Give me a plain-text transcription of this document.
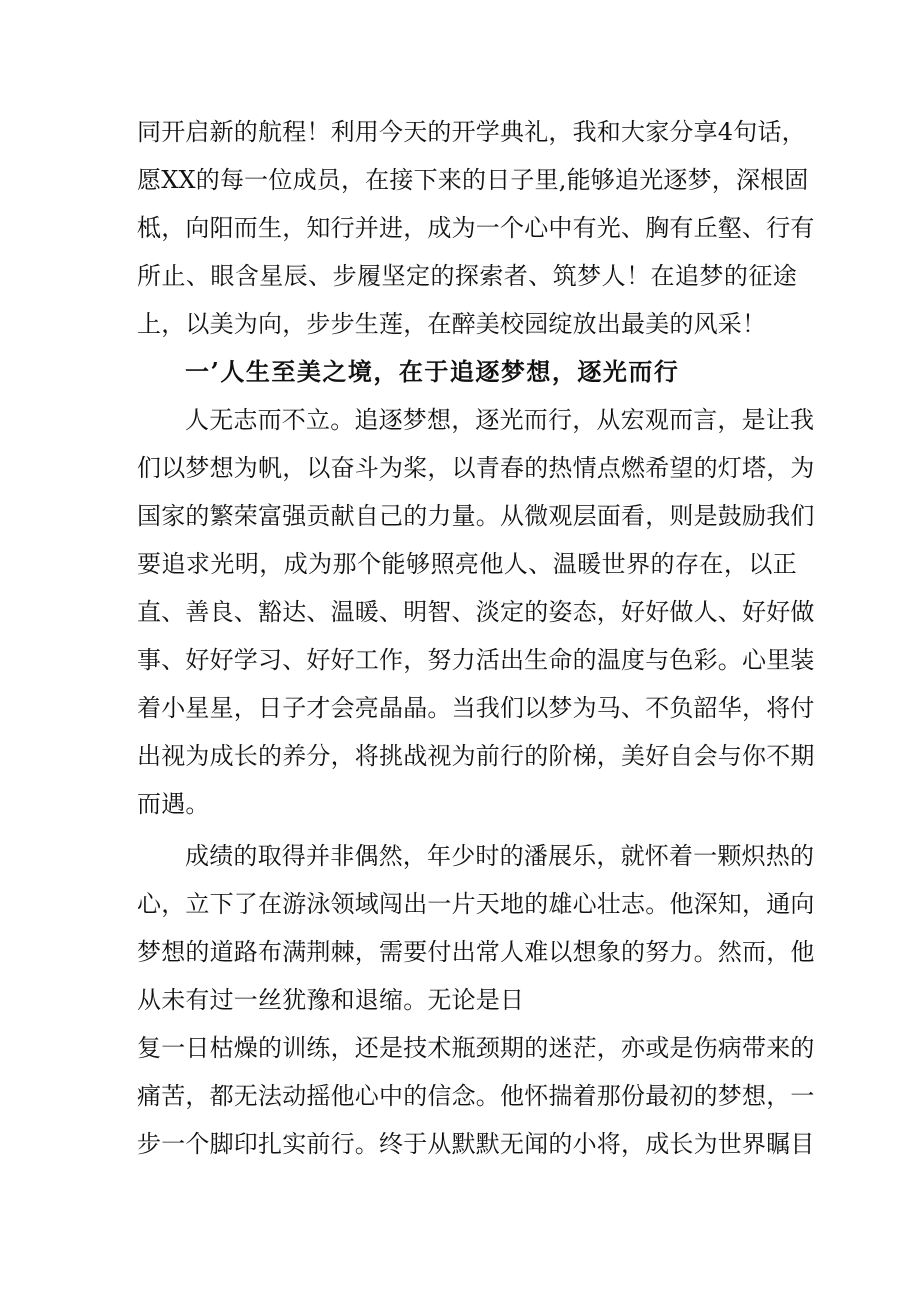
同开启新的航程！利用今天的开学典礼，我和大家分享4句话，
愿XX的每一位成员，在接下来的日子里,能够追光逐梦，深根固
柢，向阳而生，知行并进，成为一个心中有光、胸有丘壑、行有
所止、眼含星辰、步履坚定的探索者、筑梦人！在追梦的征途
上，以美为向，步步生莲，在醉美校园绽放出最美的风采！
一’人生至美之境，在于追逐梦想，逐光而行
人无志而不立。追逐梦想，逐光而行，从宏观而言，是让我
们以梦想为帆，以奋斗为桨，以青春的热情点燃希望的灯塔，为
国家的繁荣富强贡献自己的力量。从微观层面看，则是鼓励我们
要追求光明，成为那个能够照亮他人、温暖世界的存在，以正
直、善良、豁达、温暖、明智、淡定的姿态，好好做人、好好做
事、好好学习、好好工作，努力活出生命的温度与色彩。心里装
着小星星，日子才会亮晶晶。当我们以梦为马、不负韶华，将付
出视为成长的养分，将挑战视为前行的阶梯，美好自会与你不期
而遇。
成绩的取得并非偶然，年少时的潘展乐，就怀着一颗炽热的
心，立下了在游泳领域闯出一片天地的雄心壮志。他深知，通向
梦想的道路布满荆棘，需要付出常人难以想象的努力。然而，他
从未有过一丝犹豫和退缩。无论是日
复一日枯燥的训练，还是技术瓶颈期的迷茫，亦或是伤病带来的
痛苦，都无法动摇他心中的信念。他怀揣着那份最初的梦想，一
步一个脚印扎实前行。终于从默默无闻的小将，成长为世界瞩目
